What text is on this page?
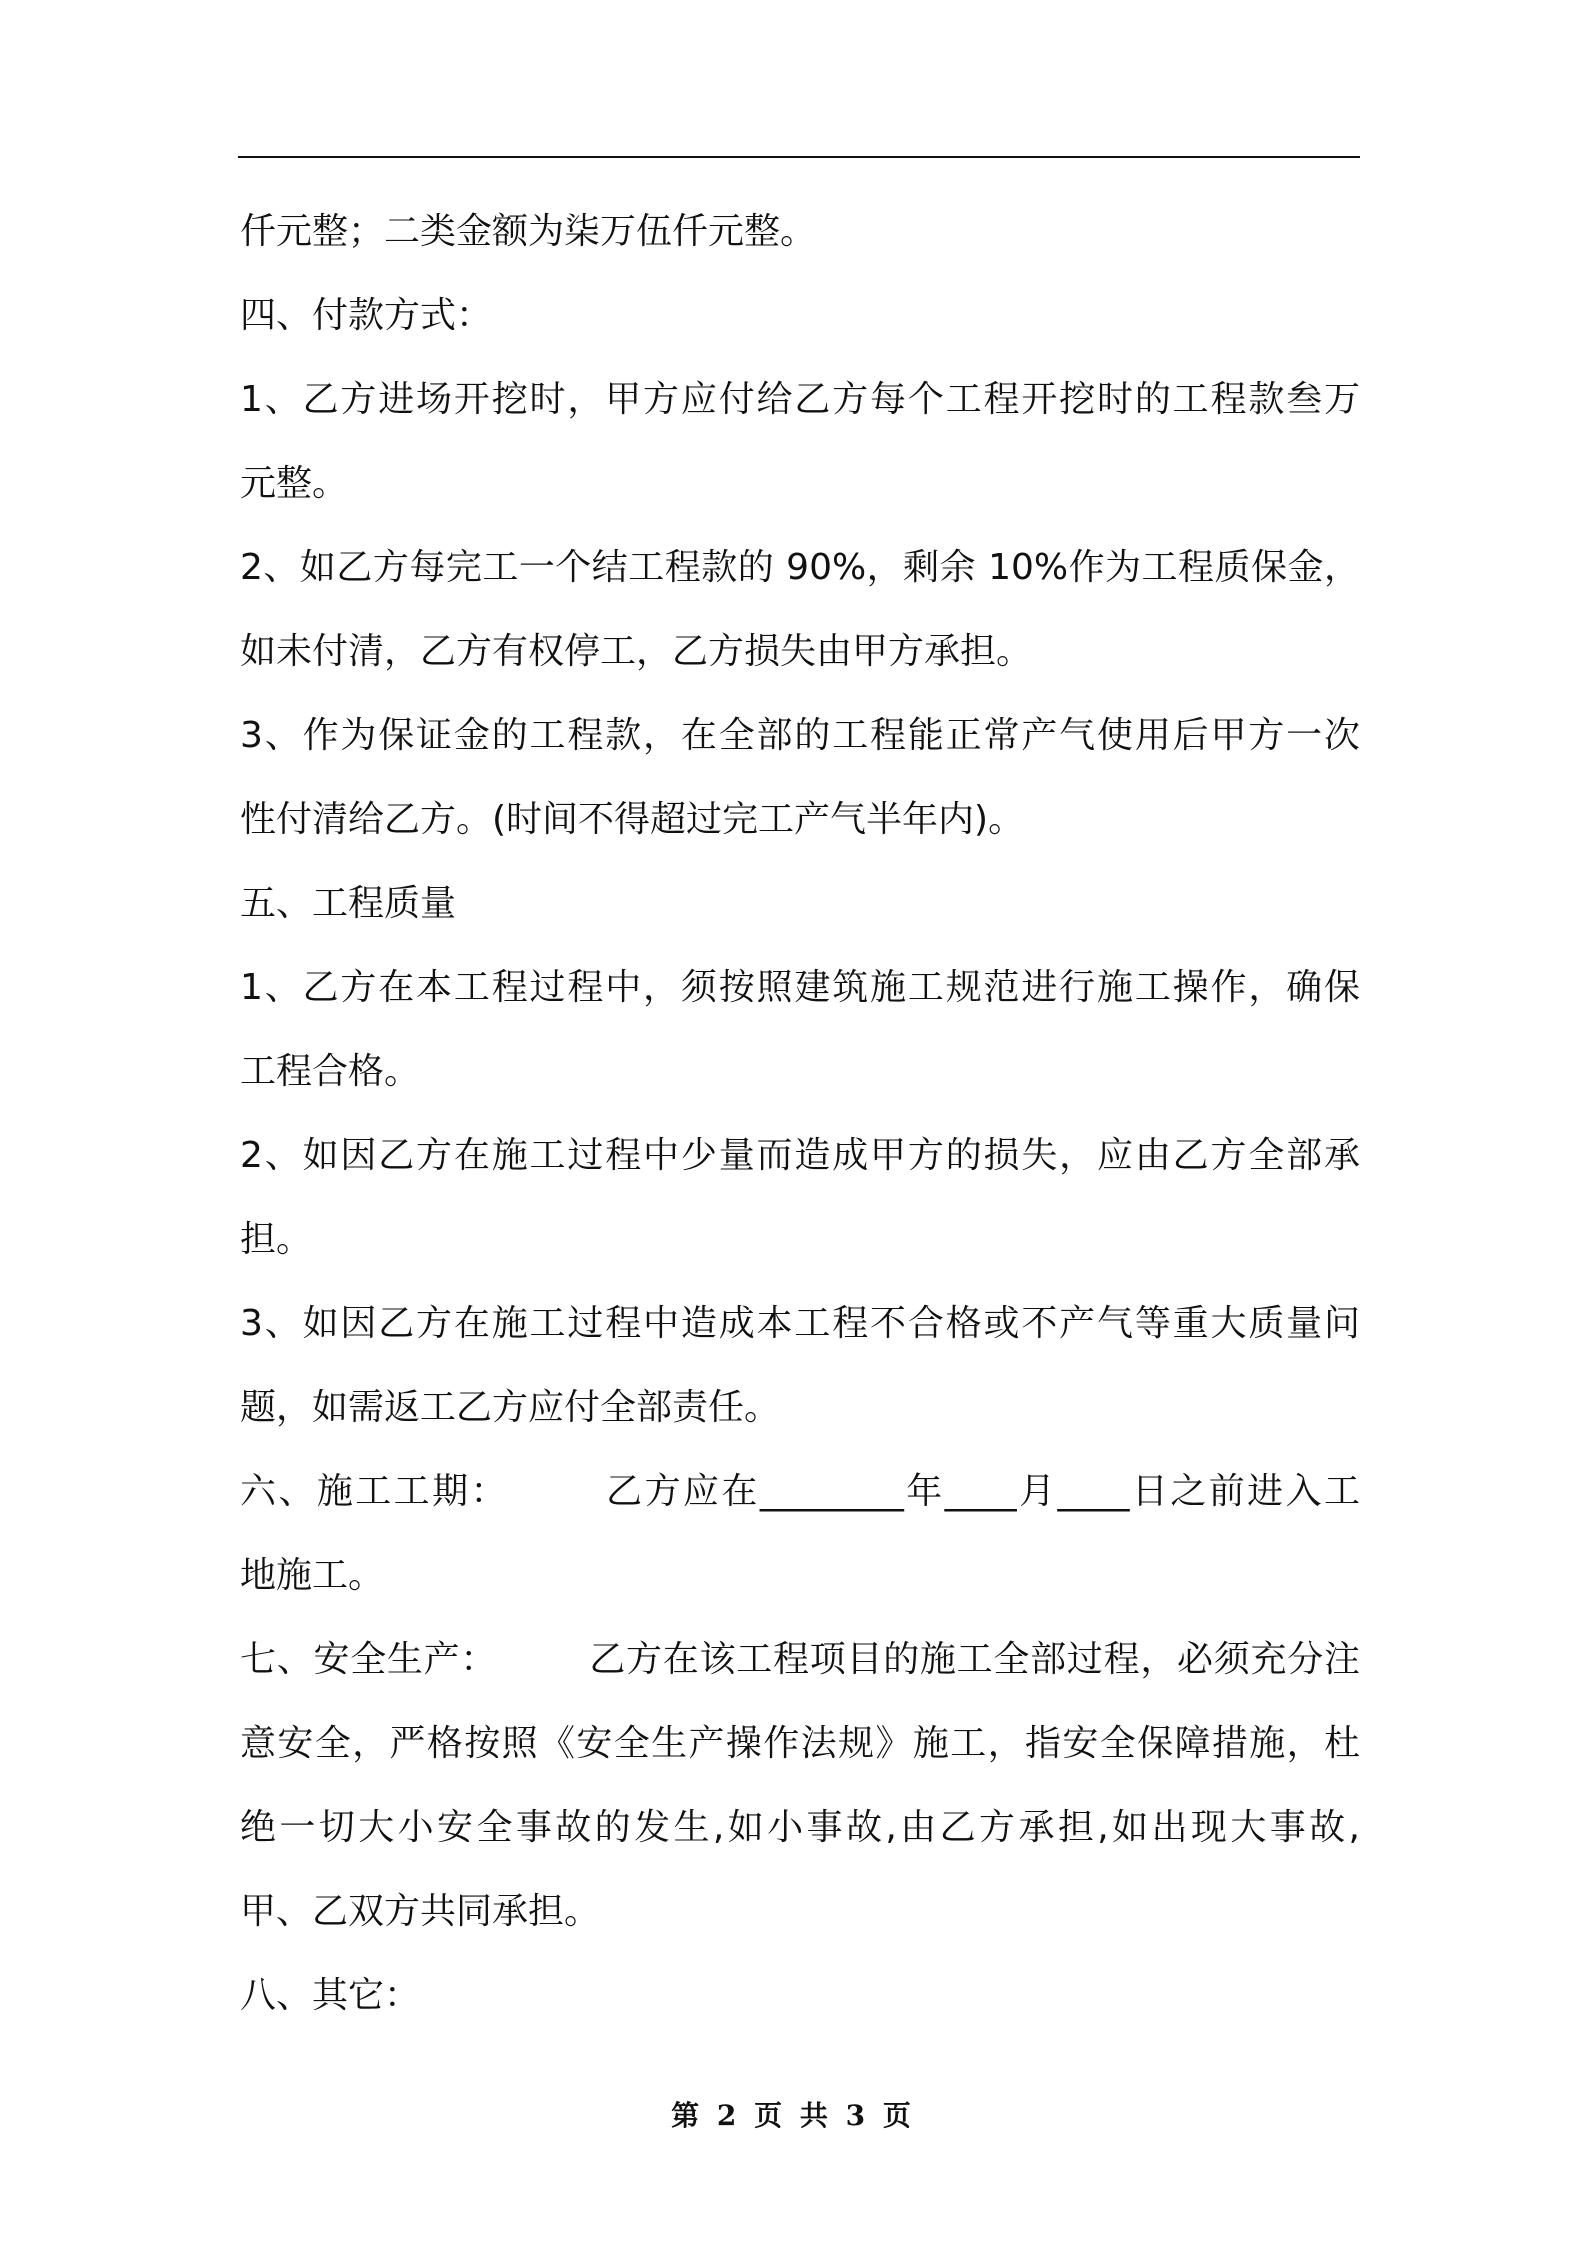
仟元整；二类金额为柒万伍仟元整。
四、付款方式：
1、乙方进场开挖时，甲方应付给乙方每个工程开挖时的工程款叁万
元整。
2、如乙方每完工一个结工程款的 90%，剩余 10%作为工程质保金，
如未付清，乙方有权停工，乙方损失由甲方承担。
3、作为保证金的工程款，在全部的工程能正常产气使用后甲方一次
性付清给乙方。(时间不得超过完工产气半年内)。
五、工程质量
1、乙方在本工程过程中，须按照建筑施工规范进行施工操作，确保
工程合格。
2、如因乙方在施工过程中少量而造成甲方的损失，应由乙方全部承
担。
3、如因乙方在施工过程中造成本工程不合格或不产气等重大质量问
题，如需返工乙方应付全部责任。
六、施工工期：　　　乙方应在________年____月____日之前进入工
地施工。
七、安全生产：　　　乙方在该工程项目的施工全部过程，必须充分注
意安全，严格按照《安全生产操作法规》施工，指安全保障措施，杜
绝一切大小安全事故的发生,如小事故,由乙方承担,如出现大事故,
甲、乙双方共同承担。
八、其它：
第 2 页 共 3 页
